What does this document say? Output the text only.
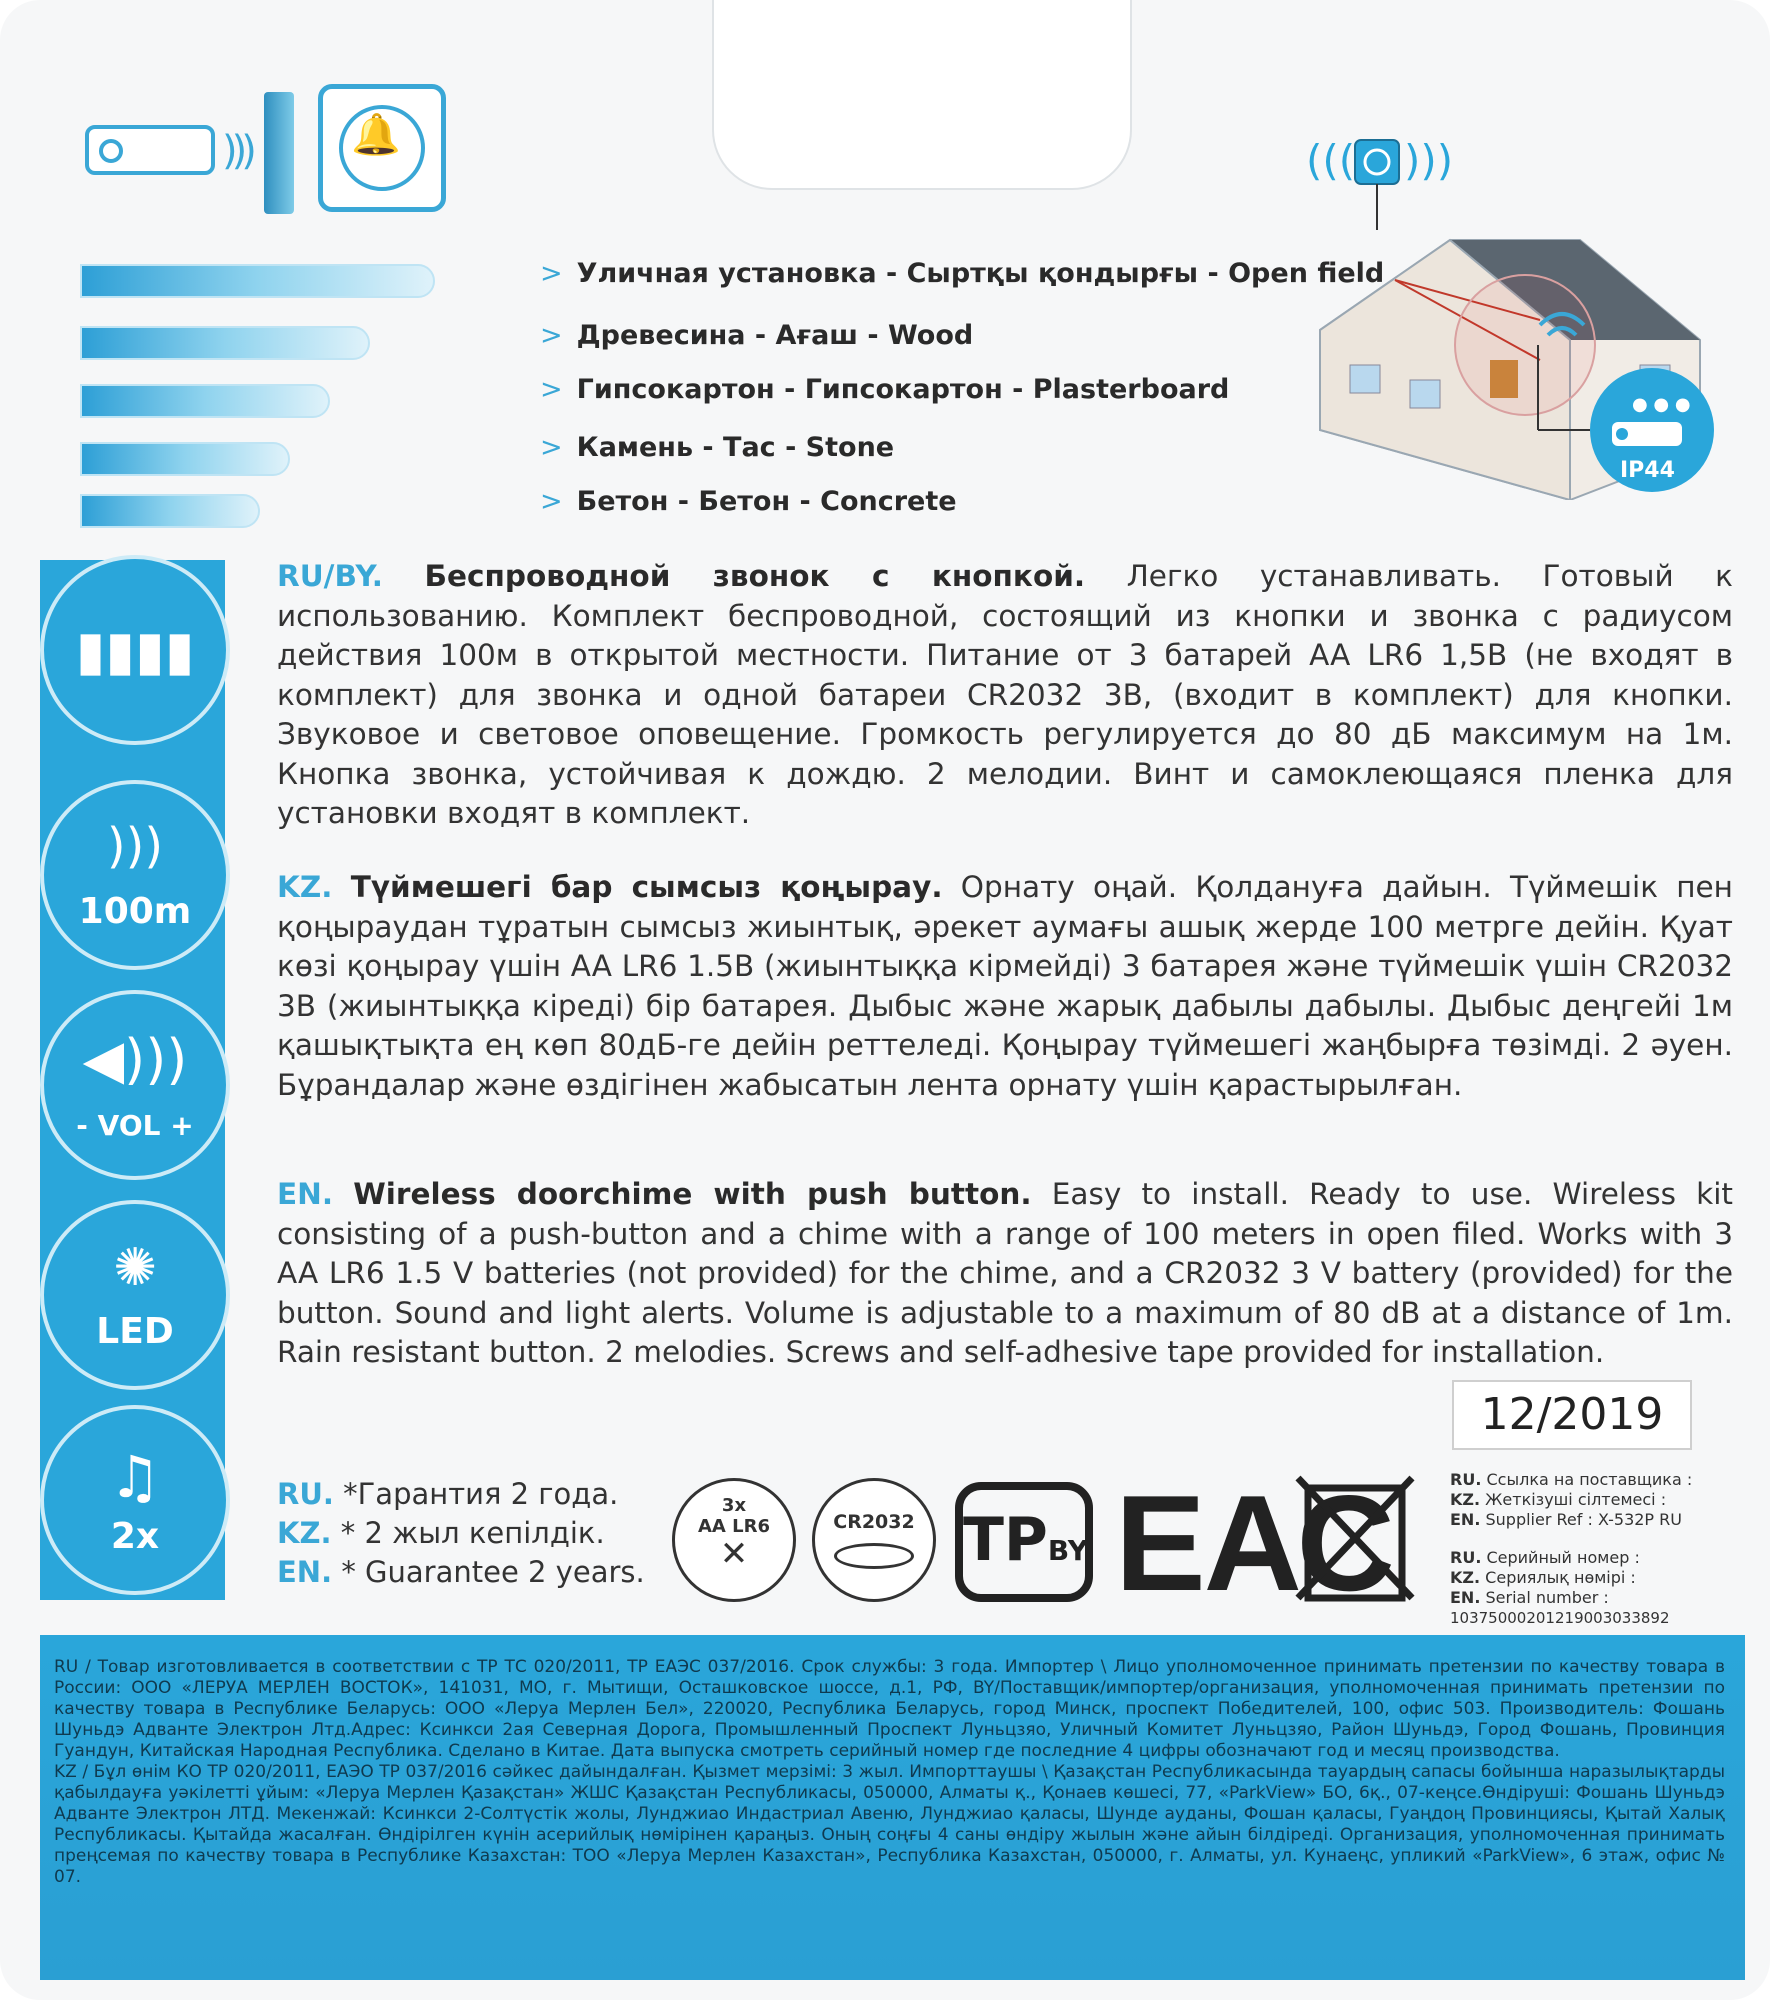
)))	🔔
> Уличная установка - Сыртқы қондырғы - Open field
> Древесина - Ағаш - Wood
> Гипсокартон - Гипсокартон - Plasterboard
> Камень - Тас - Stone
> Бетон - Бетон - Concrete
((( )))
● ● ●
IP44
▮▮▮▮
)))
100m
◀)))
- VOL +
✺
LED
♫
2x

RU/BY. Беспроводной звонок с кнопкой. Легко устанавливать. Готовый к использованию. Комплект беспроводной, состоящий из кнопки и звонка с радиусом действия 100м в открытой местности. Питание от 3 батарей AA LR6 1,5В (не входят в комплект) для звонка и одной батареи CR2032 3В, (входит в комплект) для кнопки. Звуковое и световое оповещение. Громкость регулируется до 80 дБ максимум на 1м. Кнопка звонка, устойчивая к дождю. 2 мелодии. Винт и самоклеющаяся пленка для установки входят в комплект.

KZ. Түймешегі бар сымсыз қоңырау. Орнату оңай. Қолдануға дайын. Түймешік пен қоңыраудан тұратын сымсыз жиынтық, әрекет аумағы ашық жерде 100 метрге дейін. Қуат көзі қоңырау үшін AA LR6 1.5В (жиынтыққа кірмейді) 3 батарея және түймешік үшін CR2032 3В (жиынтыққа кіреді) бір батарея. Дыбыс және жарық дабылы дабылы. Дыбыс деңгейі 1м қашықтықта ең көп 80дБ-ге дейін реттеледі. Қоңырау түймешегі жаңбырға төзімді. 2 әуен. Бұрандалар және өздігінен жабысатын лента орнату үшін қарастырылған.

EN. Wireless doorchime with push button. Easy to install. Ready to use. Wireless kit consisting of a push-button and a chime with a range of 100 meters in open filed. Works with 3 AA LR6 1.5 V batteries (not provided) for the chime, and a CR2032 3 V battery (provided) for the button. Sound and light alerts. Volume is adjustable to a maximum of 80 dB at a distance of 1m. Rain resistant button. 2 melodies. Screws and self-adhesive tape provided for installation.

12/2019
RU. *Гарантия 2 года.
KZ. * 2 жыл кепілдік.
EN. * Guarantee 2 years.
3x
AA LR6
✕
CR2032 TPBY ЕАС	RU. Ссылка на поставщика :
KZ. Жеткізуші сілтемесі :
EN. Supplier Ref : X-532P RU
RU. Серийный номер :
KZ. Сериялық нөмірі :
EN. Serial number :
10375000201219003033892

RU / Товар изготовливается в соответствии с ТР ТС 020/2011, ТР ЕАЭС 037/2016. Срок службы: 3 года. Импортер \ Лицо уполномоченное принимать претензии по качеству товара в России: ООО «ЛЕРУА МЕРЛЕН ВОСТОК», 141031, МО, г. Мытищи, Осташковское шоссе, д.1, РФ, BY/Поставщик/импортер/организация, уполномоченная принимать претензии по качеству товара в Республике Беларусь: ООО «Леруа Мерлен Бел», 220020, Республика Беларусь, город Минск, проспект Победителей, 100, офис 503. Производитель: Фошань Шуньдэ Адванте Электрон Лтд.Адрес: Ксинкси 2ая Северная Дорога, Промышленный Проспект Луньцзяо, Уличный Комитет Луньцзяо, Район Шуньдэ, Город Фошань, Провинция Гуандун, Китайская Народная Республика. Сделано в Китае. Дата выпуска смотреть серийный номер где последние 4 цифры обозначают год и месяц производства.

KZ / Бұл өнім КО ТР 020/2011, ЕАЭО ТР 037/2016 сәйкес дайындалған. Қызмет мерзімі: 3 жыл. Импорттаушы \ Қазақстан Республикасында тауардың сапасы бойынша наразылықтарды қабылдауға уәкілетті ұйым: «Леруа Мерлен Қазақстан» ЖШС Қазақстан Республикасы, 050000, Алматы қ., Қонаев көшесі, 77, «ParkView» БО, 6қ., 07-кеңсе.Өндіруші: Фошань Шуньдэ Адванте Электрон ЛТД. Мекенжай: Ксинкси 2-Солтүстік жолы, Лунджиао Индастриал Авеню, Лунджиао қаласы, Шунде ауданы, Фошан қаласы, Гуаңдоң Провинциясы, Қытай Халық Республикасы. Қытайда жасалған. Өндірілген күнін асерийлық нөмірінен қараңыз. Оның соңғы 4 саны өндіру жылын және айын білдіреді. Организация, уполномоченная принимать преңсемая по качеству товара в Республике Казахстан: ТОО «Леруа Мерлен Казахстан», Республика Казахстан, 050000, г. Алматы, ул. Кунаеңс, упликий «ParkView», 6 этаж, офис № 07.
